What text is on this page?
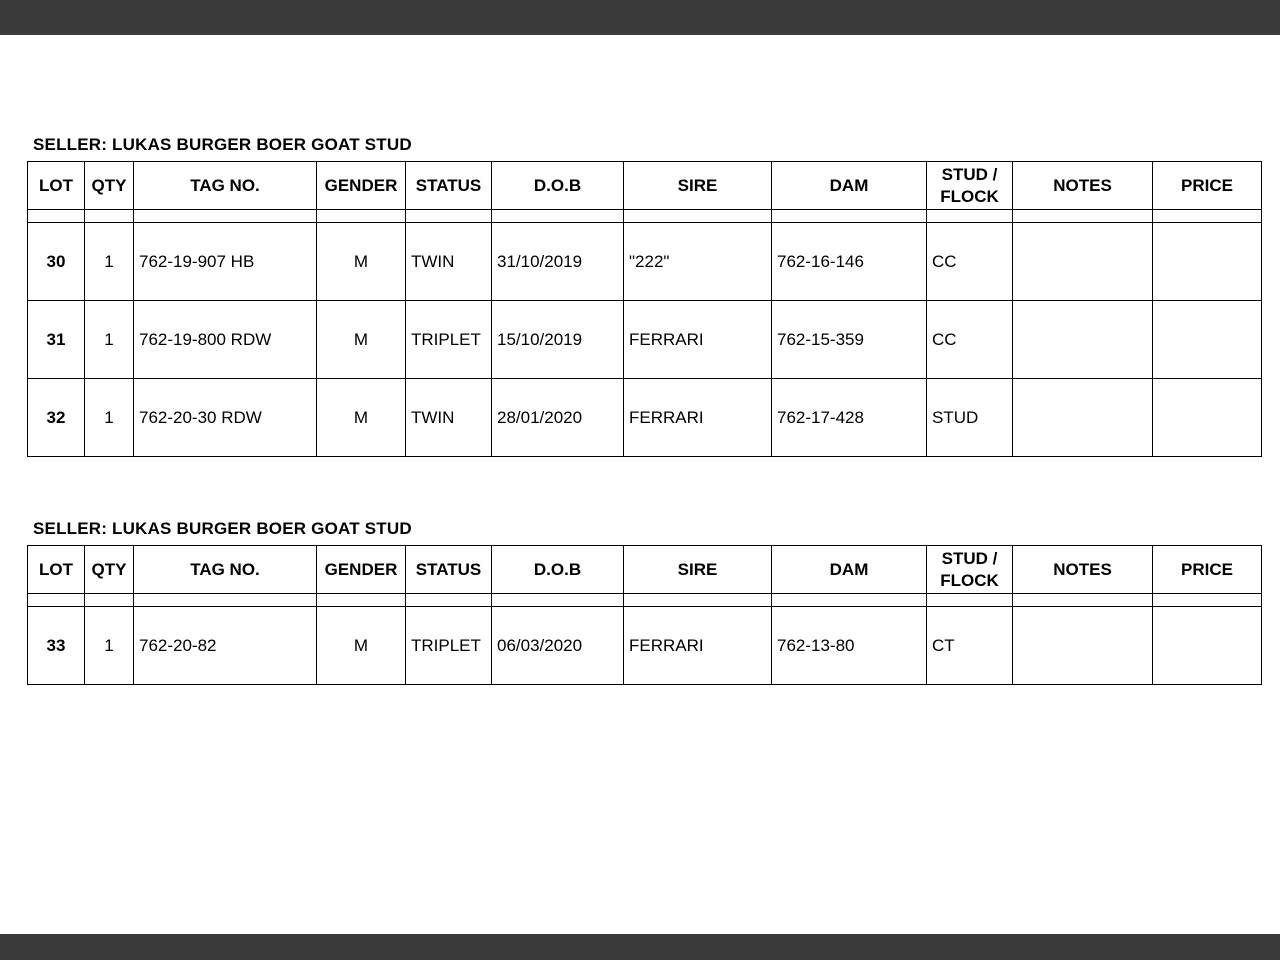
SELLER: LUKAS BURGER BOER GOAT STUD
LOT	QTY	TAG NO.	GENDER	STATUS	D.O.B	SIRE	DAM	STUD / FLOCK	NOTES	PRICE

30	1	762-19-907 HB	M	TWIN	31/10/2019	"222"	762-16-146	CC		
31	1	762-19-800 RDW	M	TRIPLET	15/10/2019	FERRARI	762-15-359	CC		
32	1	762-20-30 RDW	M	TWIN	28/01/2020	FERRARI	762-17-428	STUD		
SELLER: LUKAS BURGER BOER GOAT STUD
LOT	QTY	TAG NO.	GENDER	STATUS	D.O.B	SIRE	DAM	STUD / FLOCK	NOTES	PRICE

33	1	762-20-82	M	TRIPLET	06/03/2020	FERRARI	762-13-80	CT		
